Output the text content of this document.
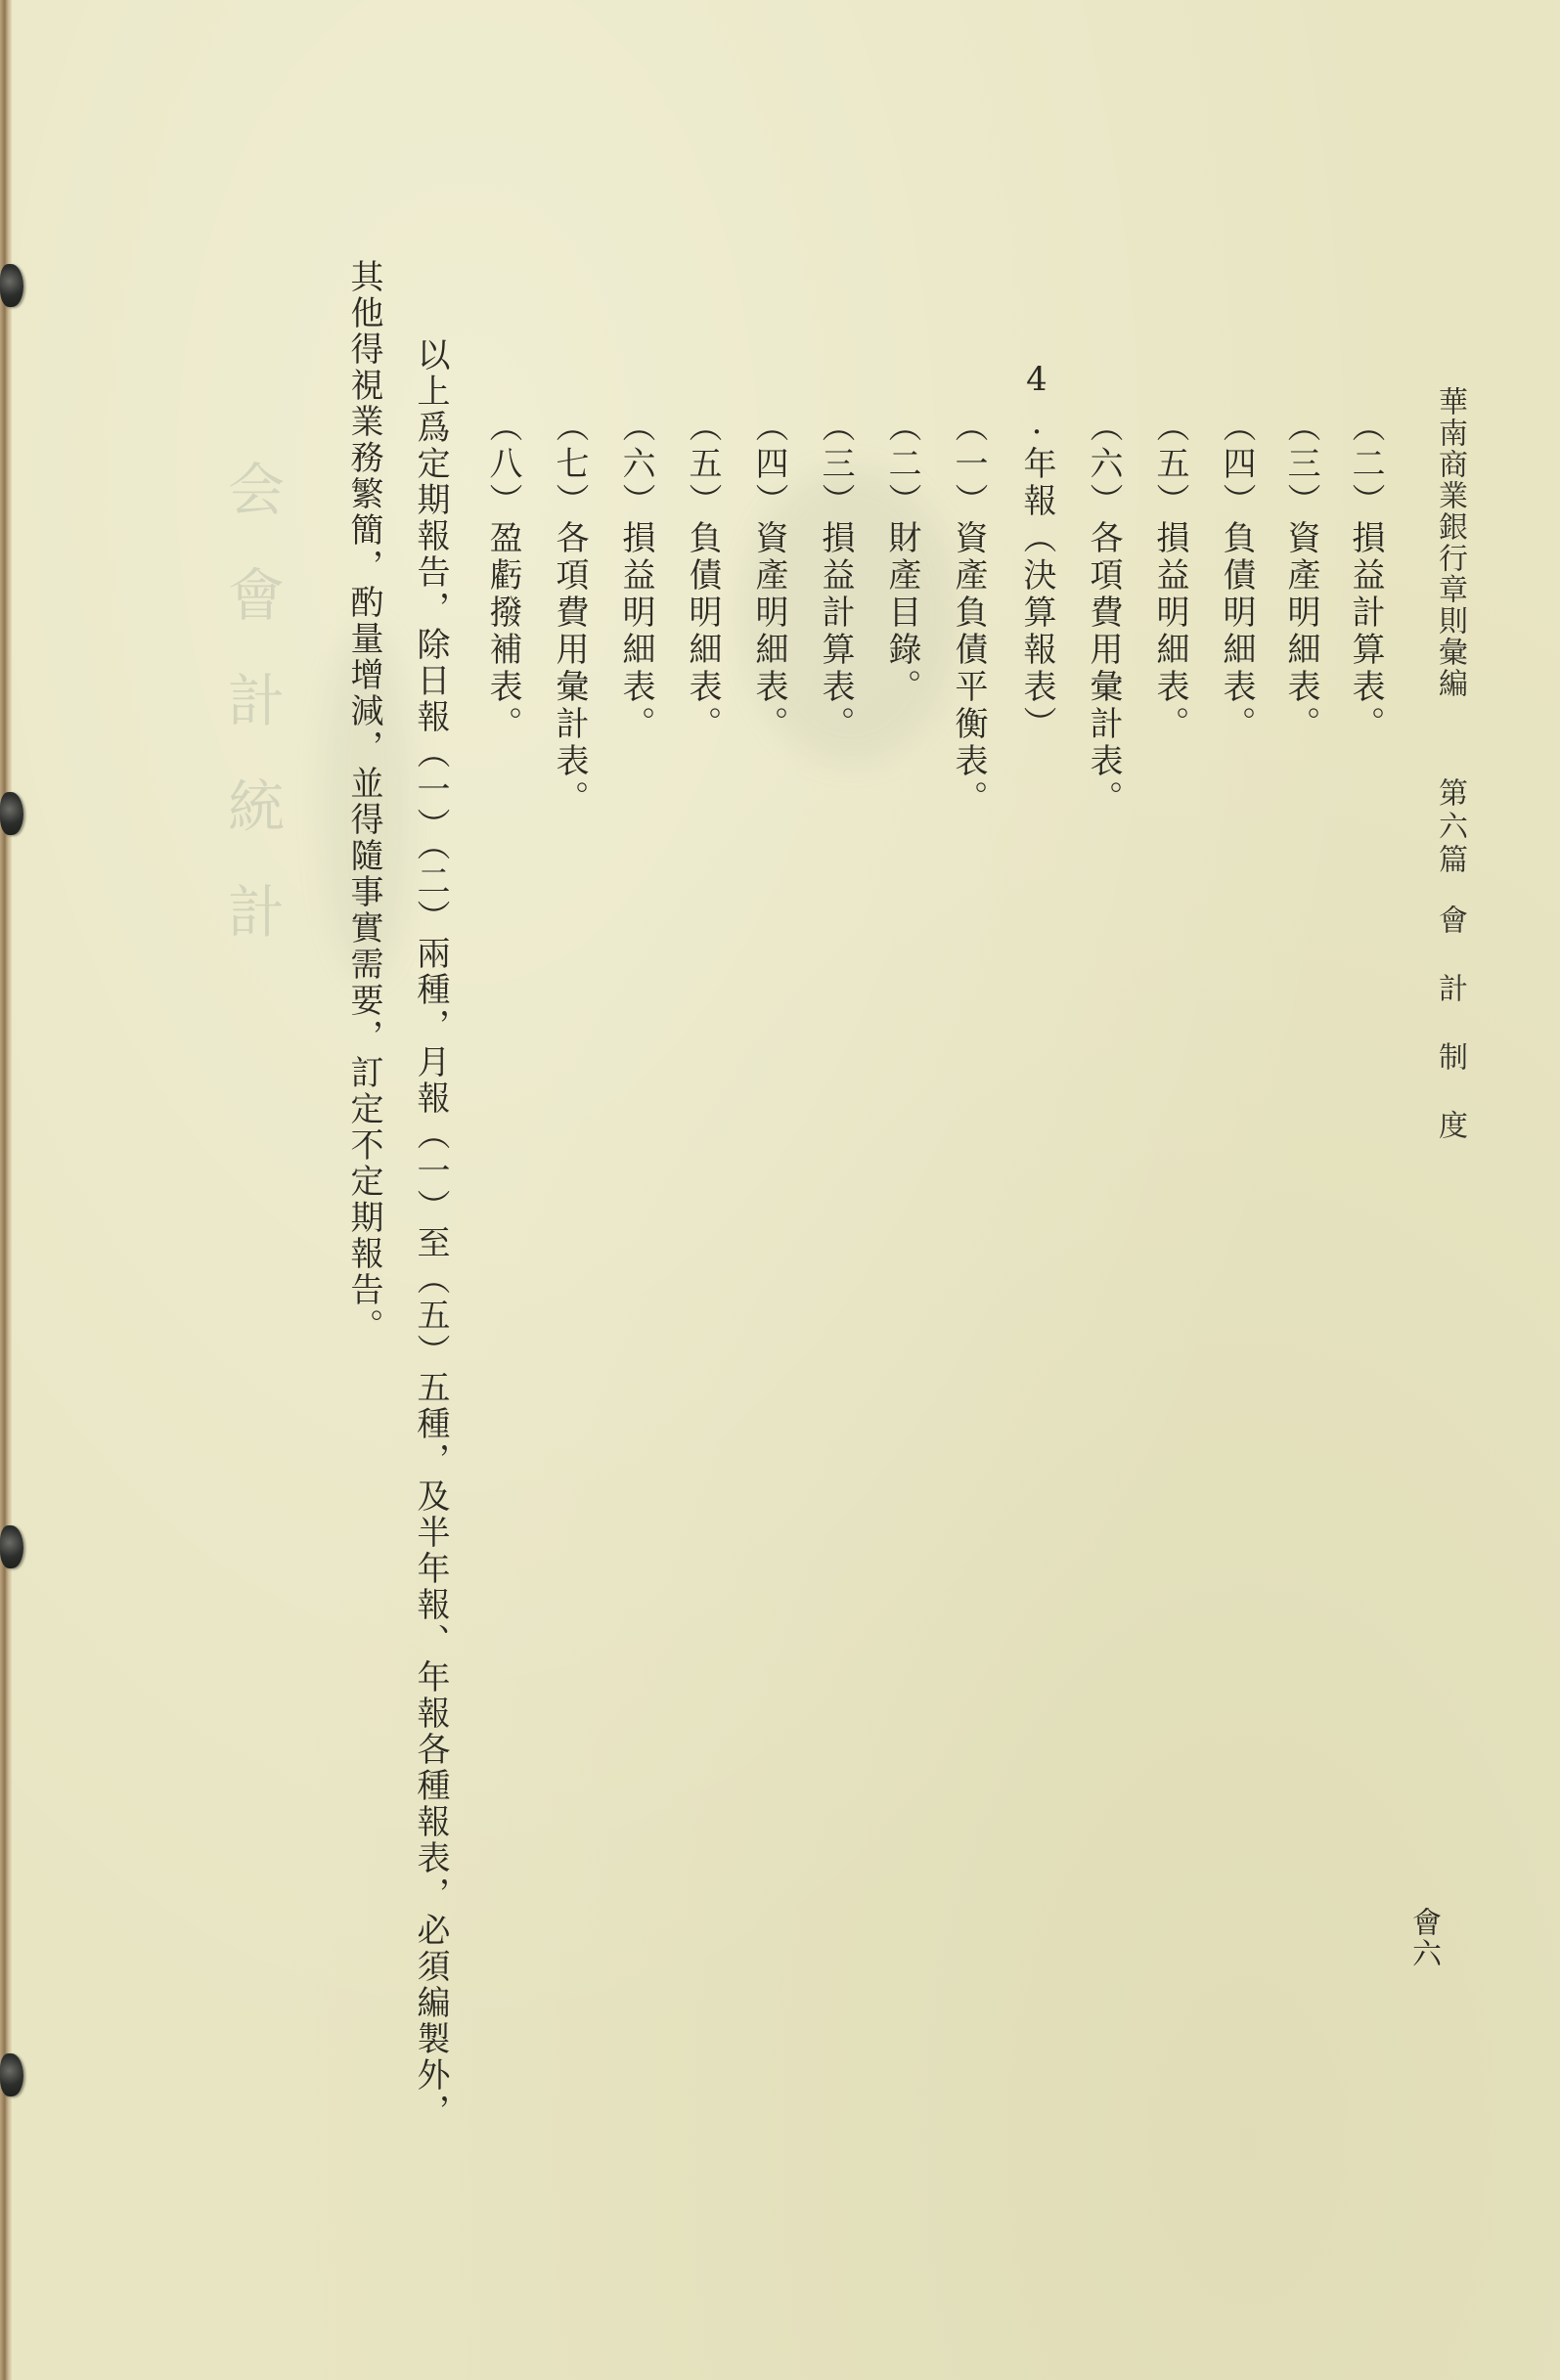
会會計統計	華南商業銀行章則彙編
第六篇
會
計
制
度
會六
（二）損益計算表。
（三）資產明細表。
（四）負債明細表。
（五）損益明細表。
（六）各項費用彙計表。
4.年報（決算報表）
（一）資產負債平衡表。
（二）財產目錄。
（三）損益計算表。
（四）資產明細表。
（五）負債明細表。
（六）損益明細表。
（七）各項費用彙計表。
（八）盈虧撥補表。
以上爲定期報告，除日報（一）（二）兩種，月報（一）至（五）五種，及半年報、年報各種報表，必須編製外，
其他得視業務繁簡，酌量增減，並得隨事實需要，訂定不定期報告。
